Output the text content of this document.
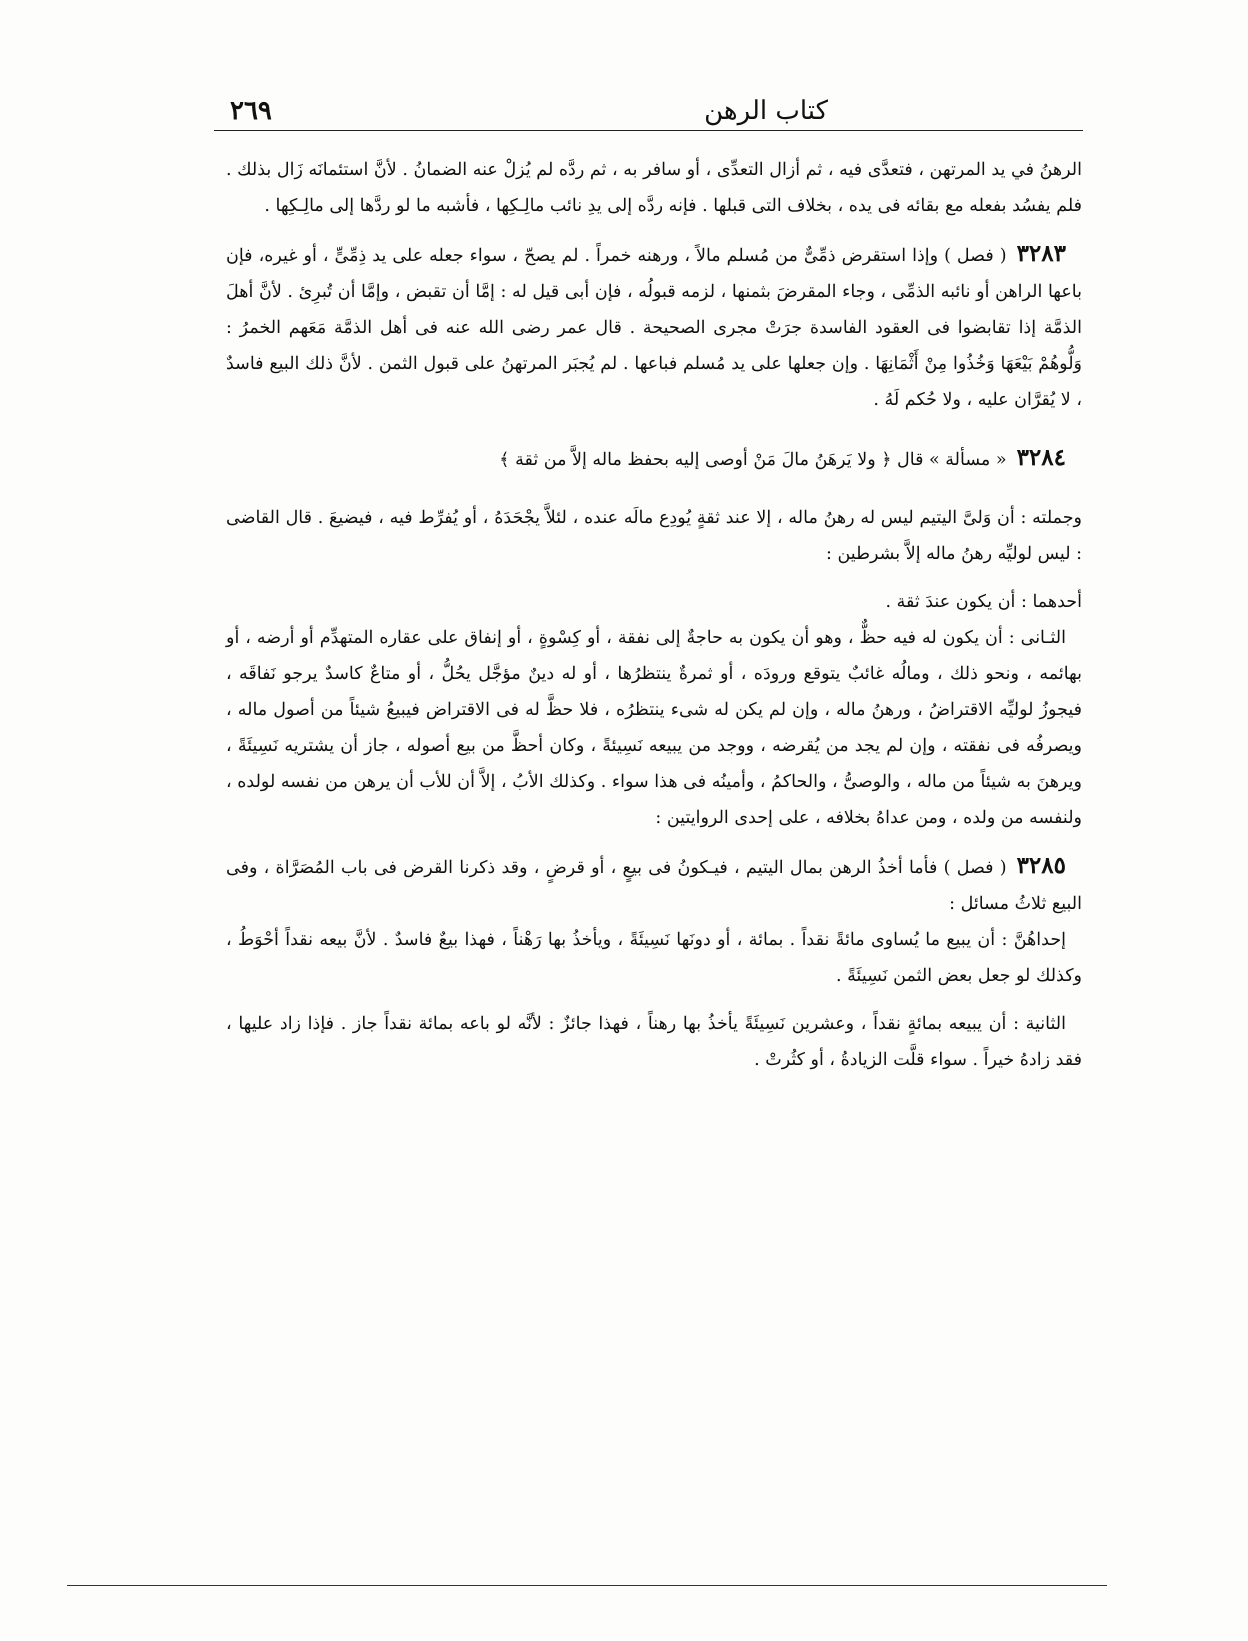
كتاب الرهن
٢٦٩

الرهنُ في يد المرتهن ، فتعدَّى فيه ، ثم أزال التعدِّى ، أو سافر به ، ثم ردَّه لم يُزلْ عنه الضمانُ . لأنَّ استئمانَه زَال بذلك . فلم يفسُد بفعله مع بقائه فى يده ، بخلاف التى قبلها . فإنه ردَّه إلى يدِ نائب مالِـكِها ، فأشبه ما لو ردَّها إلى مالِـكِها .

٣٢٨٣( فصل ) وإذا استقرض ذمِّىٌّ من مُسلم مالاً ، ورهنه خمراً . لم يصحّ ، سواء جعله على يد ذِمِّىٍّ ، أو غيره، فإن باعها الراهن أو نائبه الذمِّى ، وجاء المقرضَ بثمنها ، لزمه قبولُه ، فإن أبى قيل له : إمَّا أن تقبض ، وإمَّا أن تُبرِئ . لأنَّ أهلَ الذمَّة إذا تقابضوا فى العقود الفاسدة جرَتْ مجرى الصحيحة . قال عمر رضى الله عنه فى أهل الذمَّة مَعَهم الخمرُ : وَلُّوهُمْ بَيْعَهَا وَخُذُوا مِنْ أَثْمَانِهَا . وإن جعلها على يد مُسلم فباعها . لم يُجبَر المرتهنُ على قبول الثمن . لأنَّ ذلك البيع فاسدٌ ، لا يُقرَّان عليه ، ولا حُكم لَهُ .

٣٢٨٤« مسألة » قال ﴿ ولا يَرهَنُ مالَ مَنْ أوصى إليه بحفظ ماله إلاَّ من ثقة ﴾

وجملته : أن وَلىَّ اليتيم ليس له رهنُ ماله ، إلا عند ثقةٍ يُودِع مالَه عنده ، لئلاَّ يجْحَدَهُ ، أو يُفرِّط فيه ، فيضيعَ . قال القاضى : ليس لوليِّه رهنُ ماله إلاَّ بشرطين :

أحدهما : أن يكون عندَ ثقة .

الثـانى : أن يكون له فيه حظٌّ ، وهو أن يكون به حاجةٌ إلى نفقة ، أو كِسْوةٍ ، أو إنفاق على عقاره المتهدِّم أو أرضه ، أو بهائمه ، ونحو ذلك ، ومالُه غائبٌ يتوقع ورودَه ، أو ثمرةٌ ينتظرُها ، أو له دينٌ مؤجَّل يحُلُّ ، أو متاعٌ كاسدٌ يرجو نَفاقَه ، فيجوزُ لوليِّه الاقتراضُ ، ورهنُ ماله ، وإن لم يكن له شىء ينتظرُه ، فلا حظَّ له فى الاقتراض فيبيعُ شيئاً من أصول ماله ، ويصرفُه فى نفقته ، وإن لم يجد من يُقرضه ، ووجد من يبيعه نَسِيئةً ، وكان أحظَّ من بيع أصوله ، جاز أن يشتريه نَسِيئَةً ، ويرهنَ به شيئاً من ماله ، والوصىُّ ، والحاكمُ ، وأمينُه فى هذا سواء . وكذلك الأبُ ، إلاَّ أن للأب أن يرهن من نفسه لولده ، ولنفسه من ولده ، ومن عداهُ بخلافه ، على إحدى الروايتين :

٣٢٨٥( فصل ) فأما أخذُ الرهن بمال اليتيم ، فيـكونُ فى بيعٍ ، أو قرضٍ ، وقد ذكرنا القرض فى باب المُصَرَّاة ، وفى البيع ثلاثُ مسائل :

إحداهُنَّ : أن يبيع ما يُساوى مائةً نقداً . بمائة ، أو دونَها نَسِيئَةً ، ويأخذُ بها رَهْناً ، فهذا بيعٌ فاسدٌ . لأنَّ بيعه نقداً أحْوَطُ ، وكذلك لو جعل بعض الثمن نَسِيئَةً .

الثانية : أن يبيعه بمائةٍ نقداً ، وعشرين نَسِيئَةً يأخذُ بها رهناً ، فهذا جائزٌ : لأنَّه لو باعه بمائة نقداً جاز . فإذا زاد عليها ، فقد زادهُ خيراً . سواء قلَّت الزيادةُ ، أو كثُرتْ .
